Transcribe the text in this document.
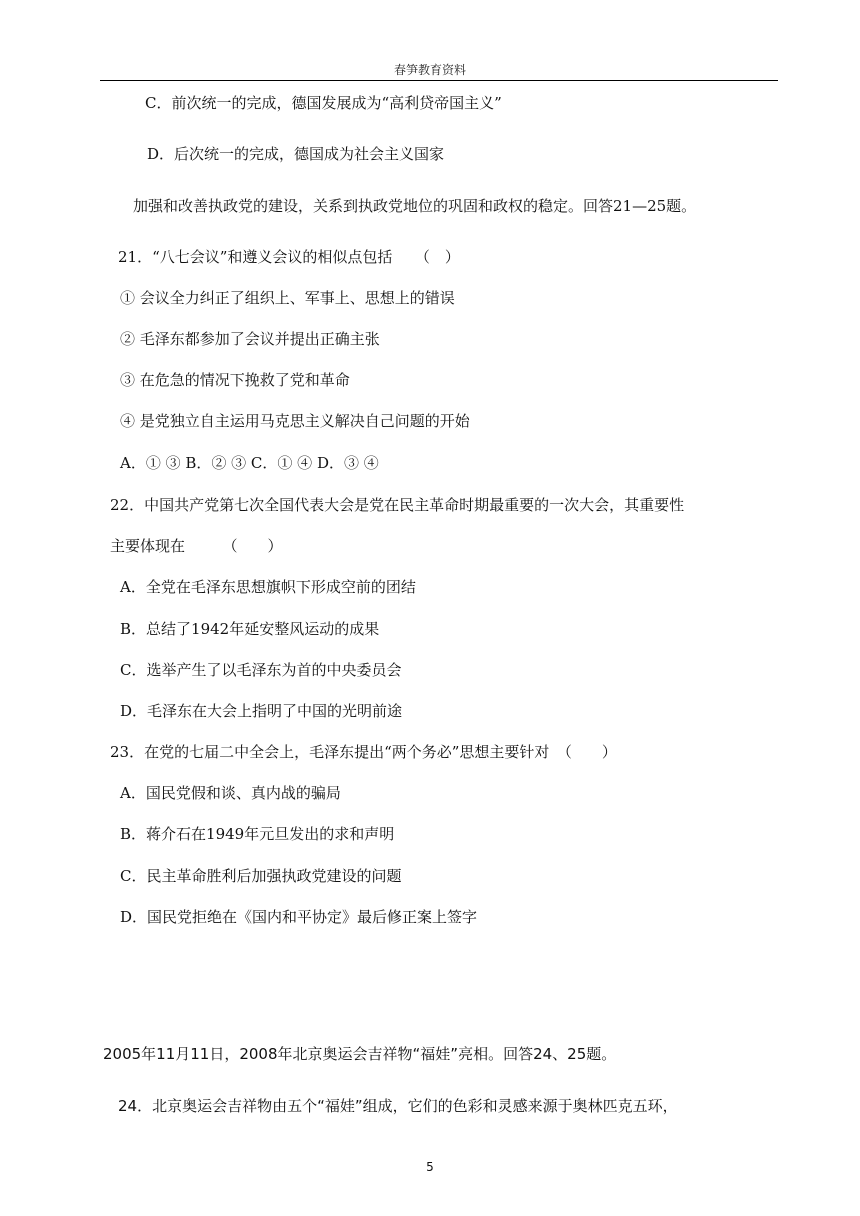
春笋教育资料
C．前次统一的完成，德国发展成为“高利贷帝国主义”
D．后次统一的完成，德国成为社会主义国家
加强和改善执政党的建设，关系到执政党地位的巩固和政权的稳定。回答21—25题。
21．“八七会议”和遵义会议的相似点包括　　（　）
① 会议全力纠正了组织上、军事上、思想上的错误
② 毛泽东都参加了会议并提出正确主张
③ 在危急的情况下挽救了党和革命
④ 是党独立自主运用马克思主义解决自己问题的开始
A．① ③ B．② ③ C．① ④ D．③ ④
22．中国共产党第七次全国代表大会是党在民主革命时期最重要的一次大会，其重要性
主要体现在　　　（　　）
A．全党在毛泽东思想旗帜下形成空前的团结
B．总结了1942年延安整风运动的成果
C．选举产生了以毛泽东为首的中央委员会
D．毛泽东在大会上指明了中国的光明前途
23．在党的七届二中全会上，毛泽东提出“两个务必”思想主要针对　（　　）
A．国民党假和谈、真内战的骗局
B．蒋介石在1949年元旦发出的求和声明
C．民主革命胜利后加强执政党建设的问题
D．国民党拒绝在《国内和平协定》最后修正案上签字
2005年11月11日，2008年北京奥运会吉祥物“福娃”亮相。回答24、25题。
24．北京奥运会吉祥物由五个“福娃”组成，它们的色彩和灵感来源于奥林匹克五环，
5
